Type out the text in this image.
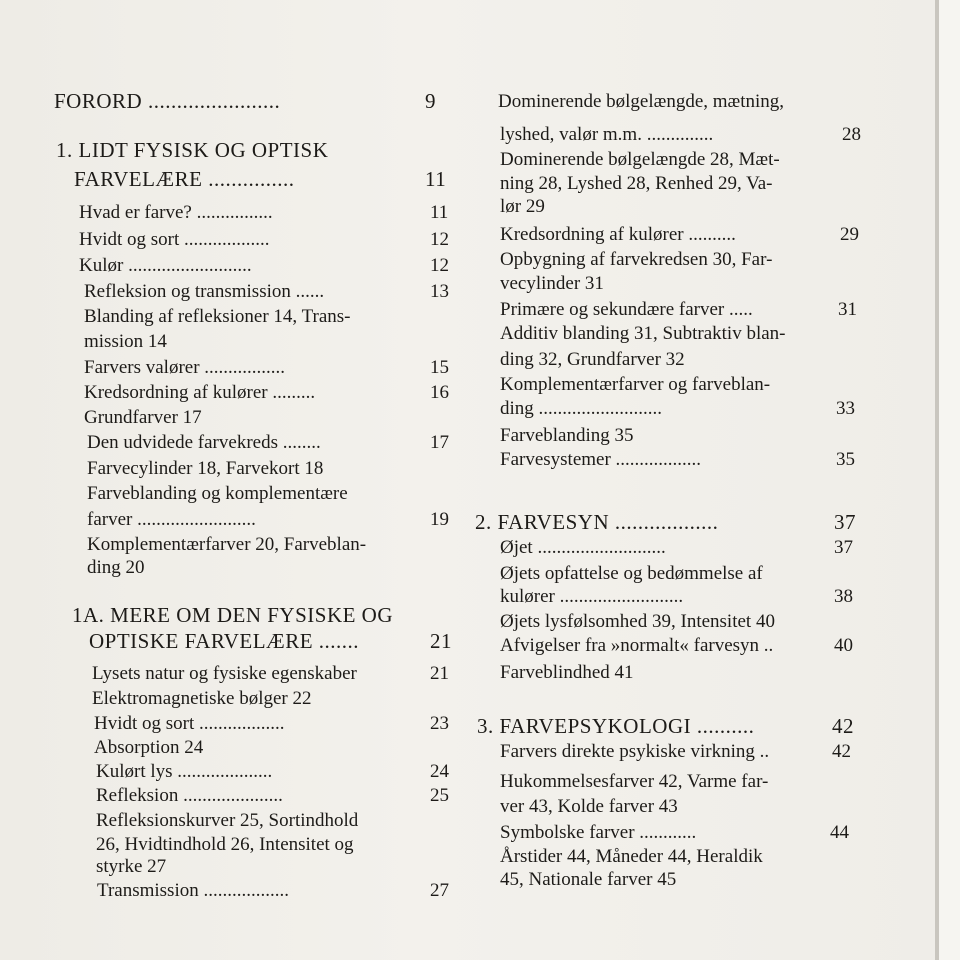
FORORD .......................	9
1. LIDT FYSISK OG OPTISK
FARVELÆRE ...............	11
Hvad er farve? ................	11
Hvidt og sort ..................	12
Kulør ..........................	12
Refleksion og transmission ......	13
Blanding af refleksioner 14, Trans-
mission 14
Farvers valører .................	15
Kredsordning af kulører .........	16
Grundfarver 17
Den udvidede farvekreds ........	17
Farvecylinder 18, Farvekort 18
Farveblanding og komplementære
farver .........................	19
Komplementærfarver 20, Farveblan-
ding 20
1A. MERE OM DEN FYSISKE OG
OPTISKE FARVELÆRE .......	21
Lysets natur og fysiske egenskaber	21
Elektromagnetiske bølger 22
Hvidt og sort ..................	23
Absorption 24
Kulørt lys ....................	24
Refleksion .....................	25
Refleksionskurver 25, Sortindhold
26, Hvidtindhold 26, Intensitet og
styrke 27
Transmission ..................	27
Dominerende bølgelængde, mætning,
lyshed, valør m.m. ..............	28
Dominerende bølgelængde 28, Mæt-
ning 28, Lyshed 28, Renhed 29, Va-
lør 29
Kredsordning af kulører ..........	29
Opbygning af farvekredsen 30, Far-
vecylinder 31
Primære og sekundære farver .....	31
Additiv blanding 31, Subtraktiv blan-
ding 32, Grundfarver 32
Komplementærfarver og farveblan-
ding ..........................	33
Farveblanding 35
Farvesystemer ..................	35
2. FARVESYN ..................	37
Øjet ...........................	37
Øjets opfattelse og bedømmelse af
kulører ..........................	38
Øjets lysfølsomhed 39, Intensitet 40
Afvigelser fra »normalt« farvesyn ..	40
Farveblindhed 41
3. FARVEPSYKOLOGI ..........	42
Farvers direkte psykiske virkning ..	42
Hukommelsesfarver 42, Varme far-
ver 43, Kolde farver 43
Symbolske farver ............	44
Årstider 44, Måneder 44, Heraldik
45, Nationale farver 45
